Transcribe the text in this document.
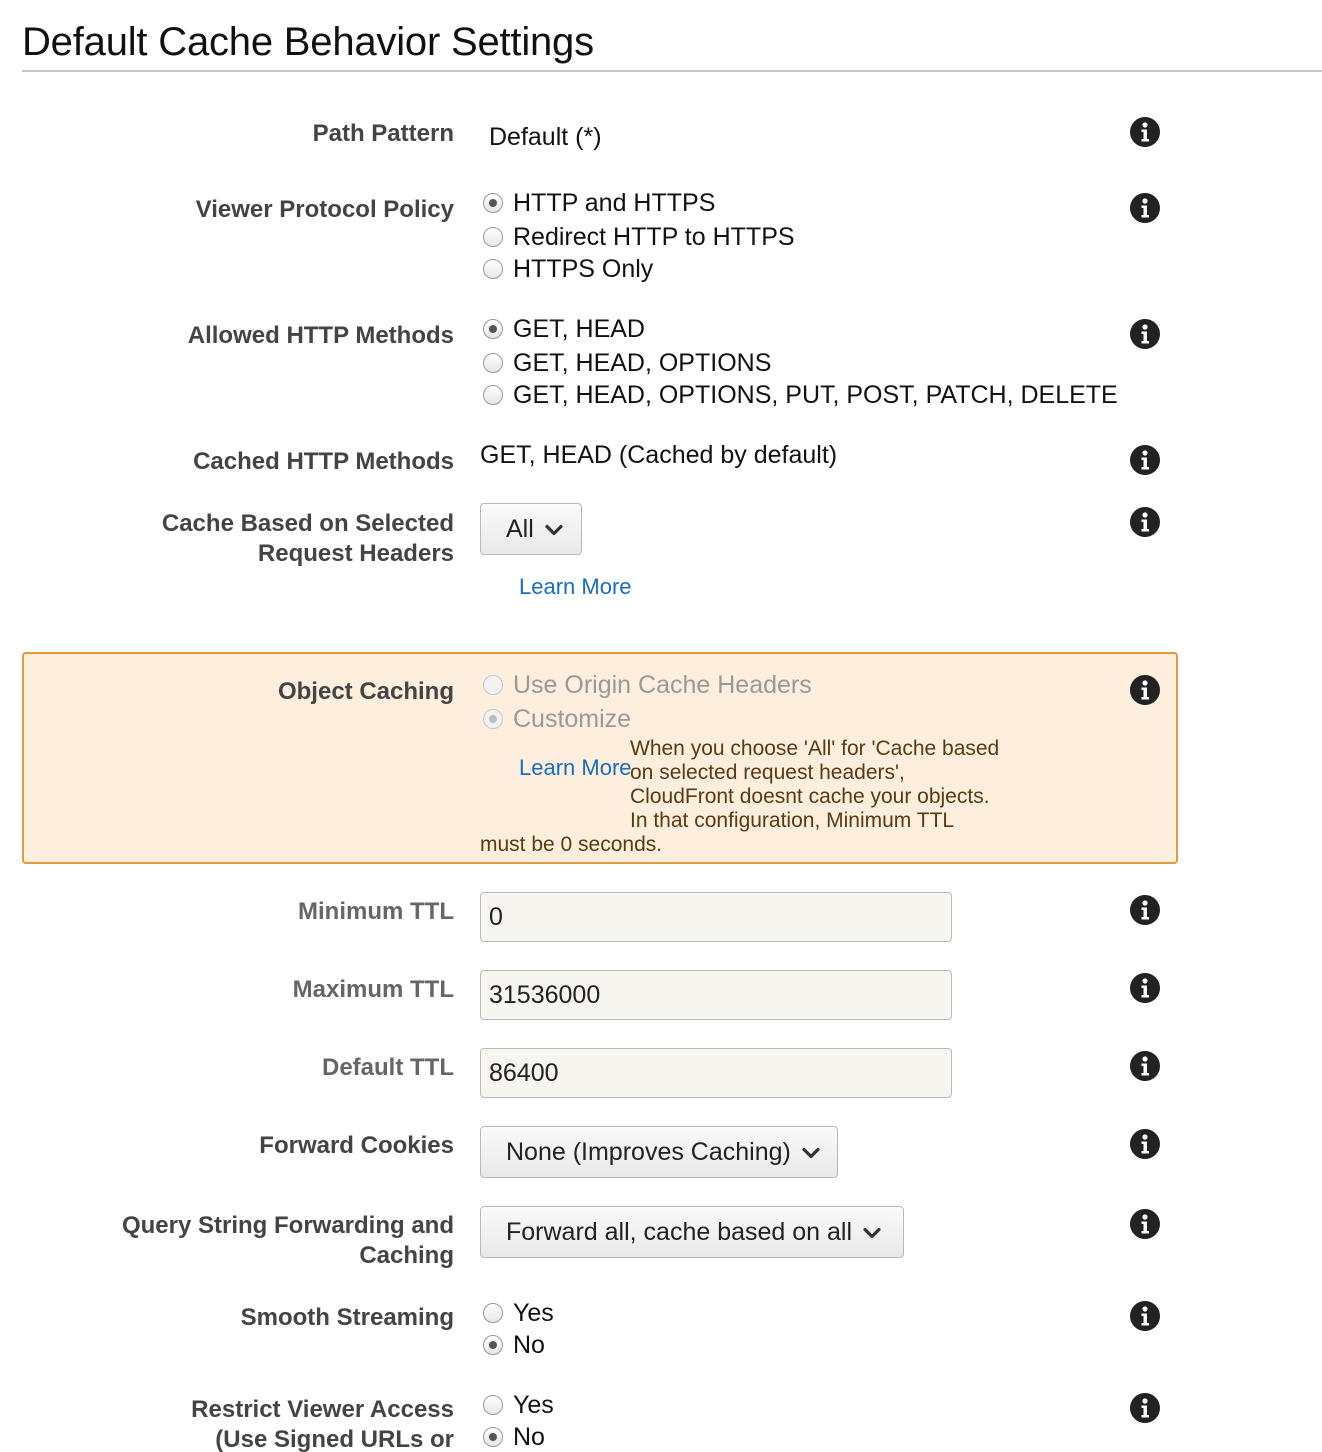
Default Cache Behavior Settings
Path Pattern Default (*)
Viewer Protocol Policy HTTP and HTTPS
Redirect HTTP to HTTPS
HTTPS Only
Allowed HTTP Methods GET, HEAD
GET, HEAD, OPTIONS
GET, HEAD, OPTIONS, PUT, POST, PATCH, DELETE
Cached HTTP Methods GET, HEAD (Cached by default)
Cache Based on Selected
Request Headers
All
Learn More
Object Caching Use Origin Cache Headers
Customize
Learn More
When you choose 'All' for 'Cache based
on selected request headers',
CloudFront doesnt cache your objects.
In that configuration, Minimum TTL
must be 0 seconds.
Minimum TTL
0
Maximum TTL
31536000
Default TTL
86400
Forward Cookies None (Improves Caching)
Query String Forwarding and
Caching
Forward all, cache based on all
Smooth Streaming Yes
No
Restrict Viewer Access
(Use Signed URLs or
Yes
No
